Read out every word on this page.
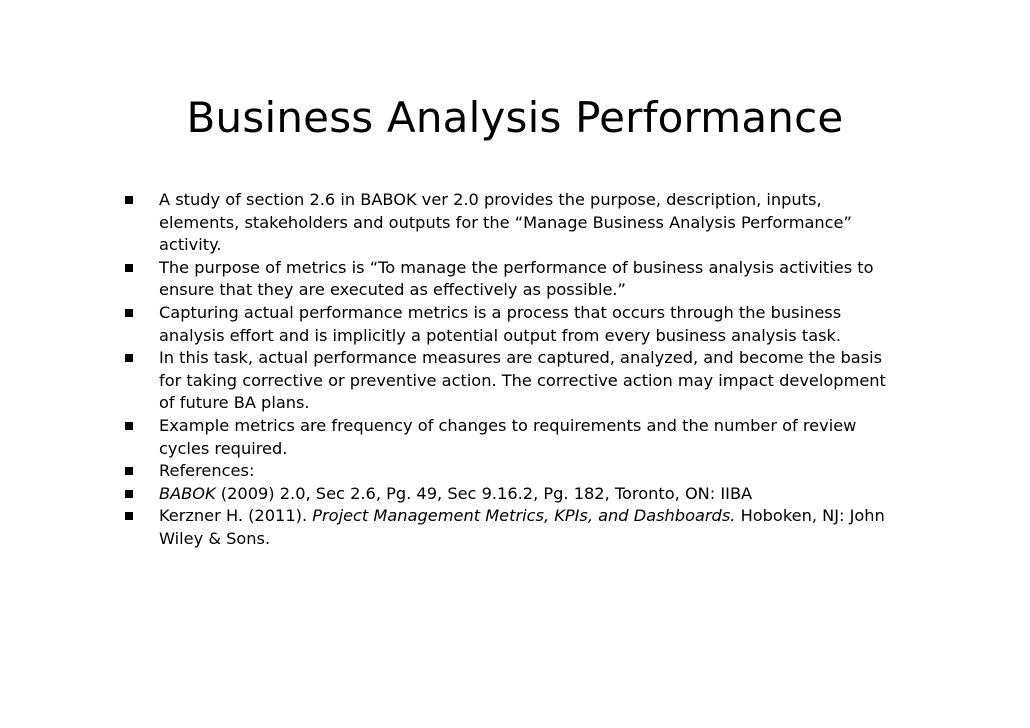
Business Analysis Performance
A study of section 2.6 in BABOK ver 2.0 provides the purpose, description, inputs, elements, stakeholders and outputs for the “Manage Business Analysis Performance” activity.
The purpose of metrics is “To manage the performance of business analysis activities to ensure that they are executed as effectively as possible.”
Capturing actual performance metrics is a process that occurs through the business analysis effort and is implicitly a potential output from every business analysis task.
In this task, actual performance measures are captured, analyzed, and become the basis for taking corrective or preventive action. The corrective action may impact development of future BA plans.
Example metrics are frequency of changes to requirements and the number of review cycles required.
References:
BABOK (2009) 2.0, Sec 2.6, Pg. 49, Sec 9.16.2, Pg. 182, Toronto, ON: IIBA
Kerzner H. (2011). Project Management Metrics, KPIs, and Dashboards. Hoboken, NJ: John Wiley & Sons.
